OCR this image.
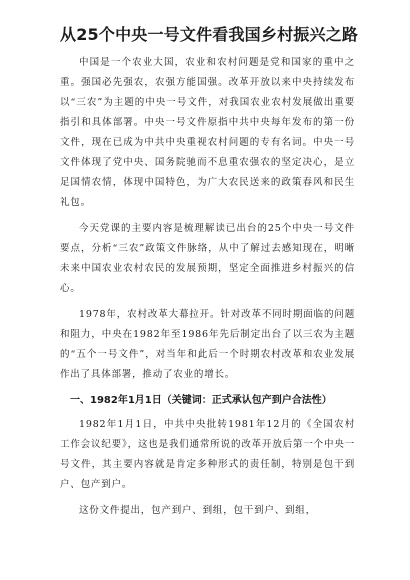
从25个中央一号文件看我国乡村振兴之路

中国是一个农业大国，农业和农村问题是党和国家的重中之重。强国必先强农，农强方能国强。改革开放以来中央持续发布以“三农”为主题的中央一号文件，对我国农业农村发展做出重要指引和具体部署。中央一号文件原指中共中央每年发布的第一份文件，现在已成为中共中央重视农村问题的专有名词。中央一号文件体现了党中央、国务院驰而不息重农强农的坚定决心，是立足国情农情，体现中国特色，为广大农民送来的政策春风和民生礼包。

今天党课的主要内容是梳理解读已出台的25个中央一号文件要点，分析“三农”政策文件脉络，从中了解过去感知现在，明晰未来中国农业农村农民的发展预期，坚定全面推进乡村振兴的信心。

1978年，农村改革大幕拉开。针对改革不同时期面临的问题和阻力，中央在1982年至1986年先后制定出台了以三农为主题的“五个一号文件”，对当年和此后一个时期农村改革和农业发展作出了具体部署，推动了农业的增长。

一、1982年1月1日（关键词：正式承认包产到户合法性）

1982年1月1日，中共中央批转1981年12月的《全国农村工作会议纪要》，这也是我们通常所说的改革开放后第一个中央一号文件，其主要内容就是肯定多种形式的责任制，特别是包干到户、包产到户。

这份文件提出，包产到户、到组，包干到户、到组，
